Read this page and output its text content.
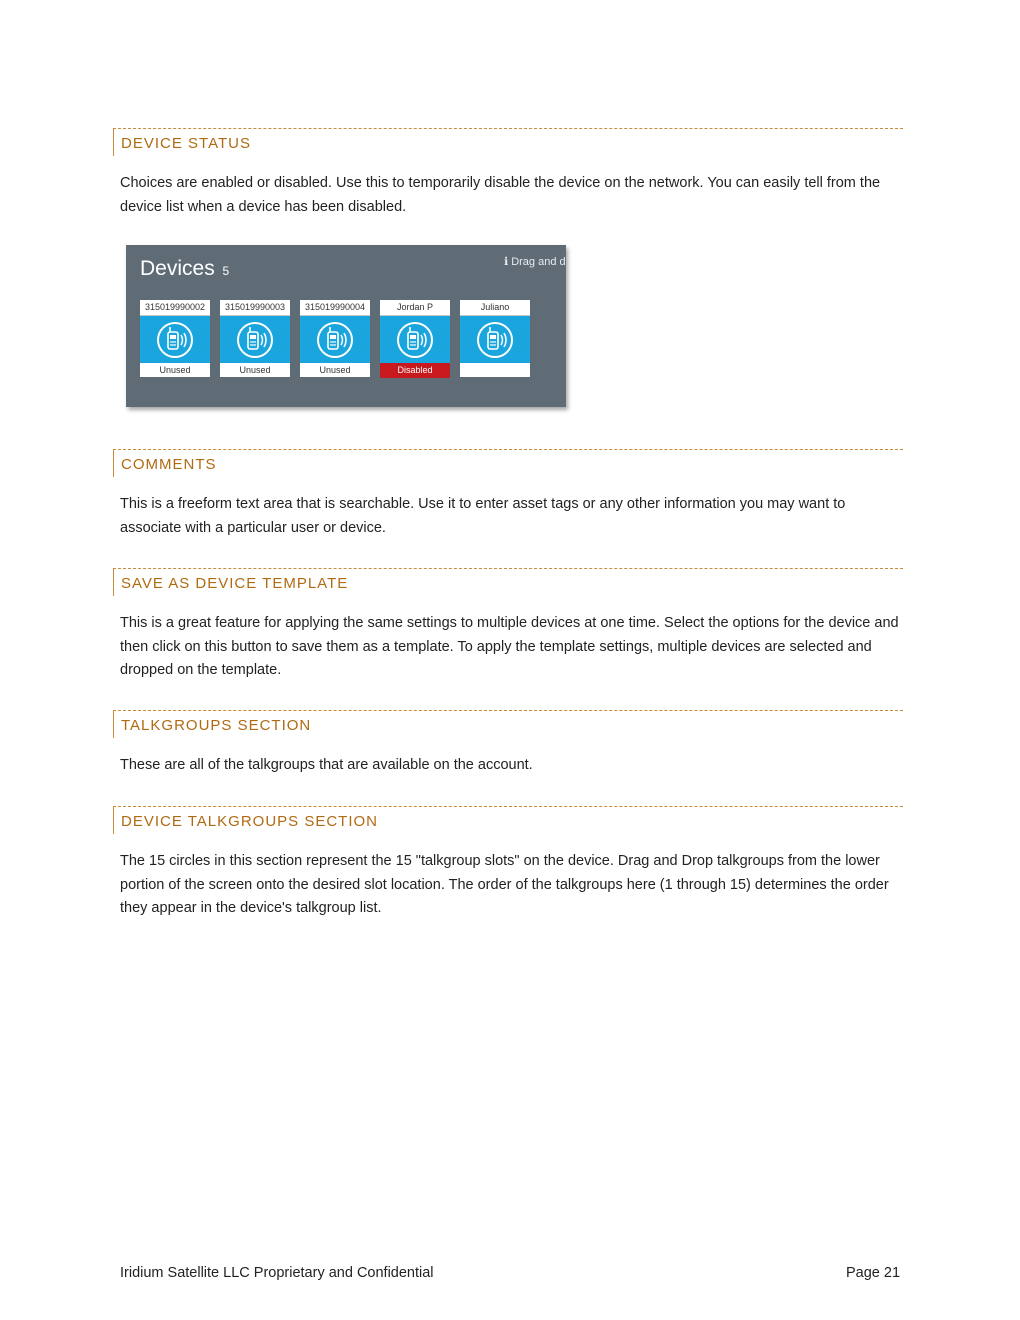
DEVICE STATUS
Choices are enabled or disabled. Use this to temporarily disable the device on the network. You can easily tell from the device list when a device has been disabled.
Devices 5
ℹ Drag and d
315019990002
Unused
315019990003
Unused
315019990004
Unused
Jordan P
Disabled
Juliano
COMMENTS
This is a freeform text area that is searchable. Use it to enter asset tags or any other information you may want to associate with a particular user or device.
SAVE AS DEVICE TEMPLATE
This is a great feature for applying the same settings to multiple devices at one time. Select the options for the device and then click on this button to save them as a template. To apply the template settings, multiple devices are selected and dropped on the template.
TALKGROUPS SECTION
These are all of the talkgroups that are available on the account.
DEVICE TALKGROUPS SECTION
The 15 circles in this section represent the 15 "talkgroup slots" on the device. Drag and Drop talkgroups from the lower portion of the screen onto the desired slot location. The order of the talkgroups here (1 through 15) determines the order they appear in the device's talkgroup list.
Iridium Satellite LLC Proprietary and Confidential	Page 21
